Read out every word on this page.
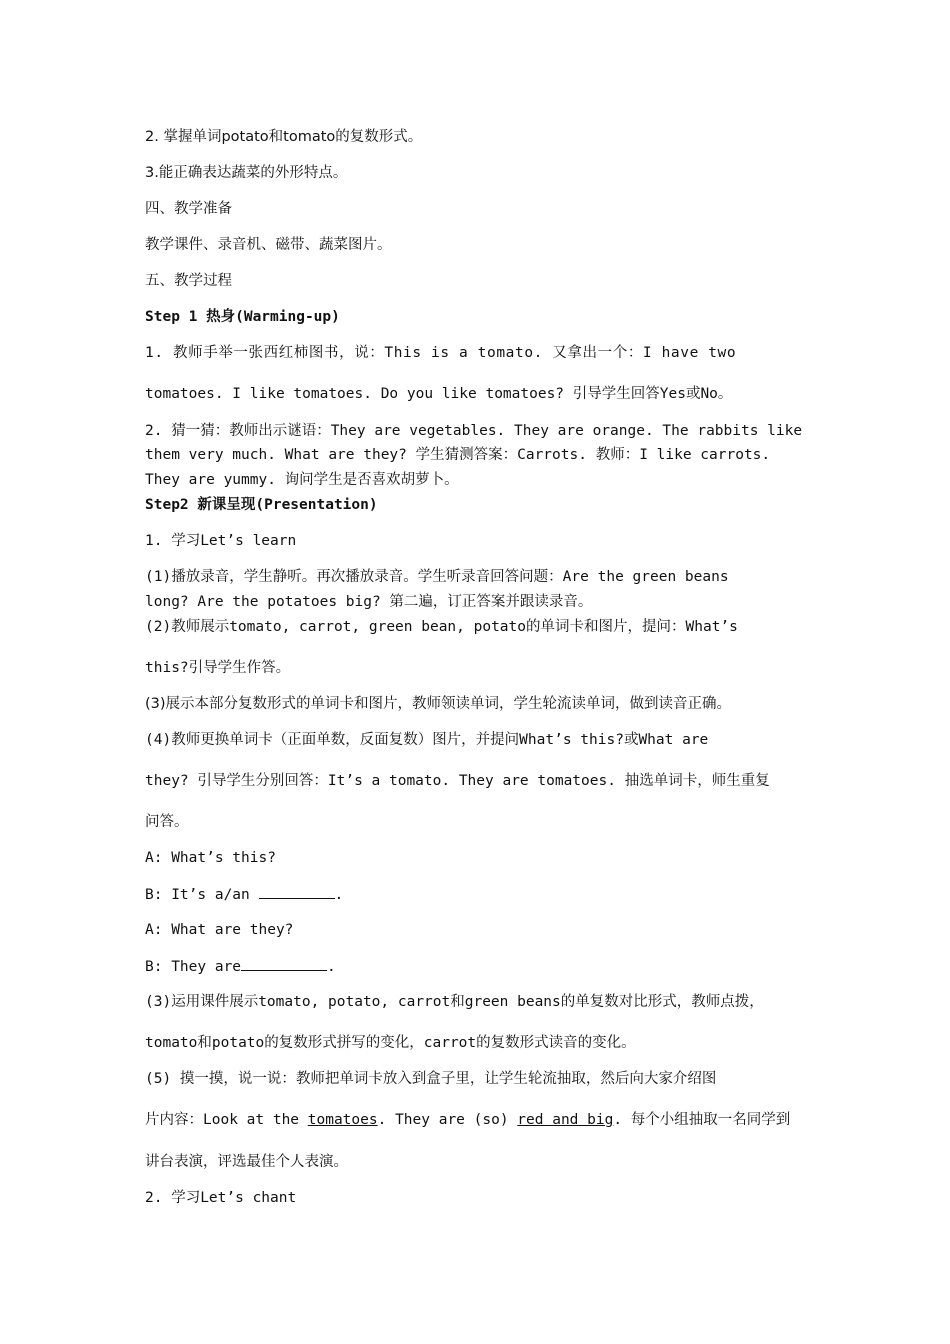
2. 掌握单词potato和tomato的复数形式。

3.能正确表达蔬菜的外形特点。

四、教学准备

教学课件、录音机、磁带、蔬菜图片。

五、教学过程

Step 1 热身(Warming-up)

1. 教师手举一张西红柿图书，说：This is a tomato. 又拿出一个：I have two

tomatoes. I like tomatoes. Do you like tomatoes? 引导学生回答Yes或No。

2. 猜一猜：教师出示谜语：They are vegetables. They are orange. The rabbits like

them very much. What are they? 学生猜测答案：Carrots. 教师：I like carrots.

They are yummy. 询问学生是否喜欢胡萝卜。

Step2 新课呈现(Presentation)

1. 学习Let’s learn

(1)播放录音，学生静听。再次播放录音。学生听录音回答问题：Are the green beans

long? Are the potatoes big? 第二遍，订正答案并跟读录音。

(2)教师展示tomato, carrot, green bean, potato的单词卡和图片，提问：What’s

this?引导学生作答。

(3)展示本部分复数形式的单词卡和图片，教师领读单词，学生轮流读单词，做到读音正确。

(4)教师更换单词卡（正面单数，反面复数）图片，并提问What’s this?或What are

they? 引导学生分别回答：It’s a tomato. They are tomatoes. 抽选单词卡，师生重复

问答。

A: What’s this?

B: It’s a/an	.

A: What are they?

B: They are	.

(3)运用课件展示tomato, potato, carrot和green beans的单复数对比形式，教师点拨，

tomato和potato的复数形式拼写的变化，carrot的复数形式读音的变化。

(5) 摸一摸，说一说：教师把单词卡放入到盒子里，让学生轮流抽取，然后向大家介绍图

片内容：Look at the tomatoes. They are (so) red and big. 每个小组抽取一名同学到

讲台表演，评选最佳个人表演。

2. 学习Let’s chant
